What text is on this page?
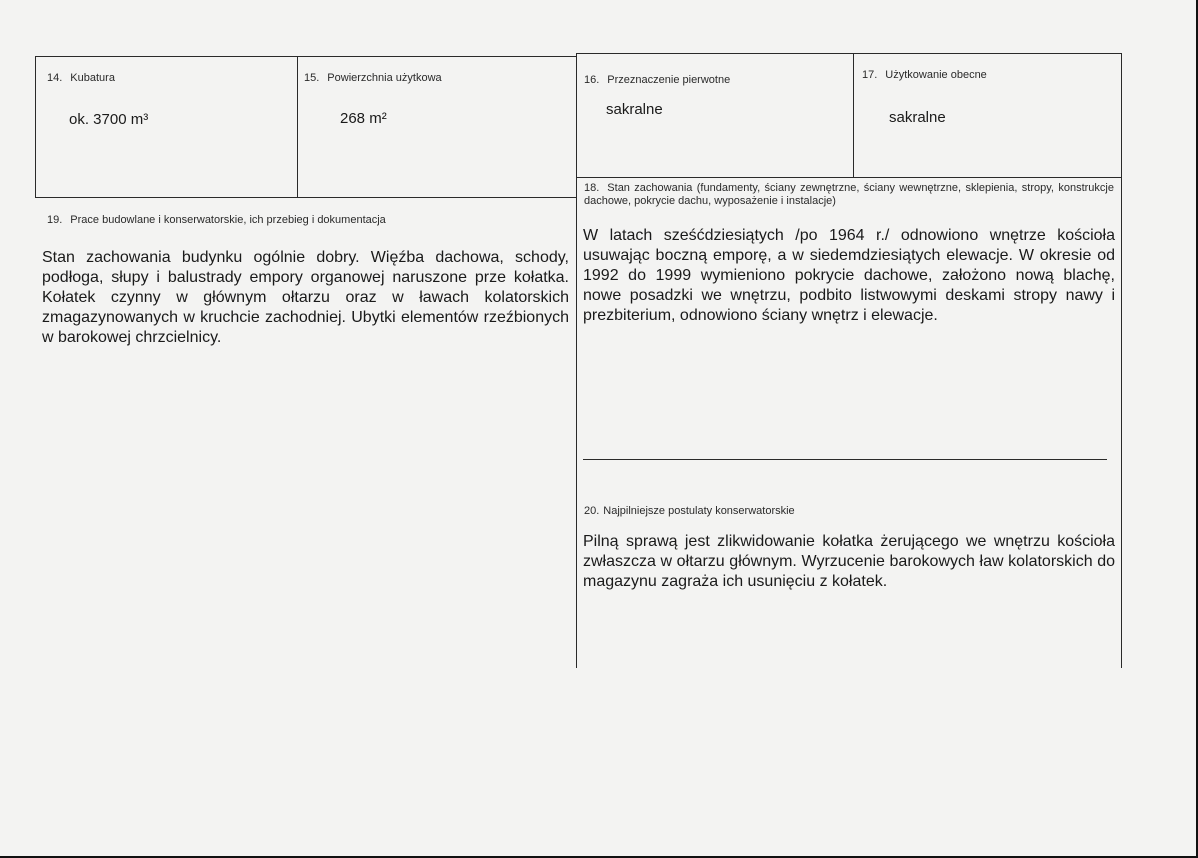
14. Kubatura
ok. 3700 m³
15. Powierzchnia użytkowa
268 m²
16. Przeznaczenie pierwotne
sakralne
17. Użytkowanie obecne
sakralne
18. Stan zachowania (fundamenty, ściany zewnętrzne, ściany wewnętrzne, sklepienia, stropy, konstrukcje dachowe, pokrycie dachu, wyposażenie i instalacje)
W latach sześćdziesiątych /po 1964 r./ odnowiono wnętrze kościoła usuwając boczną emporę, a w siedemdziesiątych elewacje. W okresie od 1992 do 1999 wymieniono pokrycie dachowe, założono nową blachę, nowe posadzki we wnętrzu, podbito listwowymi deskami stropy nawy i prezbiterium, odnowiono ściany wnętrz i elewacje.
19. Prace budowlane i konserwatorskie, ich przebieg i dokumentacja
Stan zachowania budynku ogólnie dobry. Więźba dachowa, schody, podłoga, słupy i balustrady empory organowej naruszone prze kołatka. Kołatek czynny w głównym ołtarzu oraz w ławach kolatorskich zmagazynowanych w kruchcie zachodniej. Ubytki elementów rzeźbionych w barokowej chrzcielnicy.
20. Najpilniejsze postulaty konserwatorskie
Pilną sprawą jest zlikwidowanie kołatka żerującego we wnętrzu kościoła zwłaszcza w ołtarzu głównym. Wyrzucenie barokowych ław kolatorskich do magazynu zagraża ich usunięciu z kołatek.
